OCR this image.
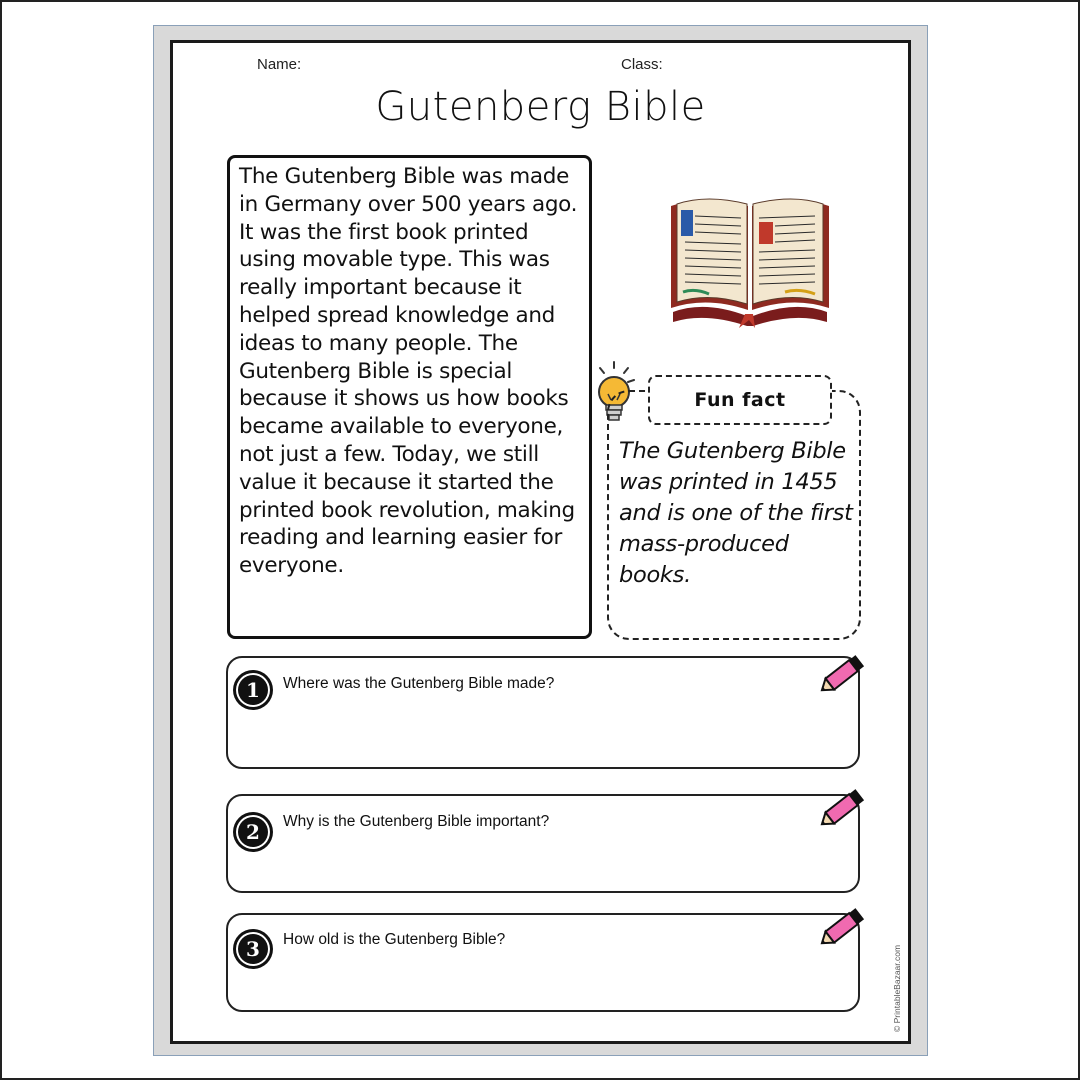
Name:	Class:
Gutenberg Bible

The Gutenberg Bible was made in Germany over 500 years ago. It was the first book printed using movable type. This was really important because it helped spread knowledge and ideas to many people. The Gutenberg Bible is special because it shows us how books became available to everyone, not just a few. Today, we still value it because it started the printed book revolution, making reading and learning easier for everyone.

Fun fact

The Gutenberg Bible was printed in 1455 and is one of the first mass-produced books.

1
2
3
Where was the Gutenberg Bible made?
Why is the Gutenberg Bible important?
How old is the Gutenberg Bible?
© PrintableBazaar.com
